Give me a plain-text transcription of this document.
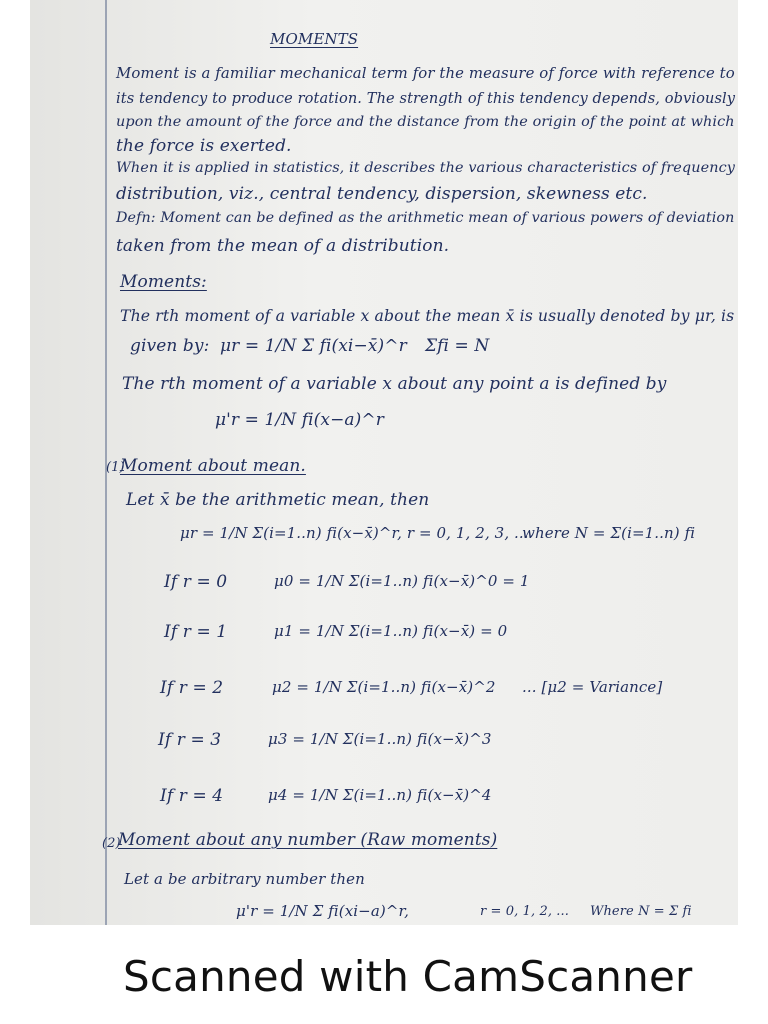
MOMENTS
Moment is a familiar mechanical term for the measure of force with reference to
its tendency to produce rotation. The strength of this tendency depends, obviously
upon the amount of the force and the distance from the origin of the point at which
the force is exerted.
When it is applied in statistics, it describes the various characteristics of frequency
distribution, viz., central tendency, dispersion, skewness etc.
Defn: Moment can be defined as the arithmetic mean of various powers of deviation
taken from the mean of a distribution.
Moments:
The rth moment of a variable x about the mean x̄ is usually denoted by μr, is
given by: μr = 1/N Σ fi(xi−x̄)^r Σfi = N
The rth moment of a variable x about any point a is defined by
μ'r = 1/N fi(x−a)^r
(1)
Moment about mean.
Let x̄ be the arithmetic mean, then
μr = 1/N Σ(i=1..n) fi(x−x̄)^r, r = 0, 1, 2, 3, ...
where N = Σ(i=1..n) fi
If r = 0	μ0 = 1/N Σ(i=1..n) fi(x−x̄)^0 = 1
If r = 1	μ1 = 1/N Σ(i=1..n) fi(x−x̄) = 0
If r = 2	μ2 = 1/N Σ(i=1..n) fi(x−x̄)^2 ... [μ2 = Variance]
If r = 3	μ3 = 1/N Σ(i=1..n) fi(x−x̄)^3
If r = 4	μ4 = 1/N Σ(i=1..n) fi(x−x̄)^4
(2)
Moment about any number (Raw moments)
Let a be arbitrary number then
μ'r = 1/N Σ fi(xi−a)^r,	r = 0, 1, 2, ... Where N = Σ fi
Scanned with CamScanner
